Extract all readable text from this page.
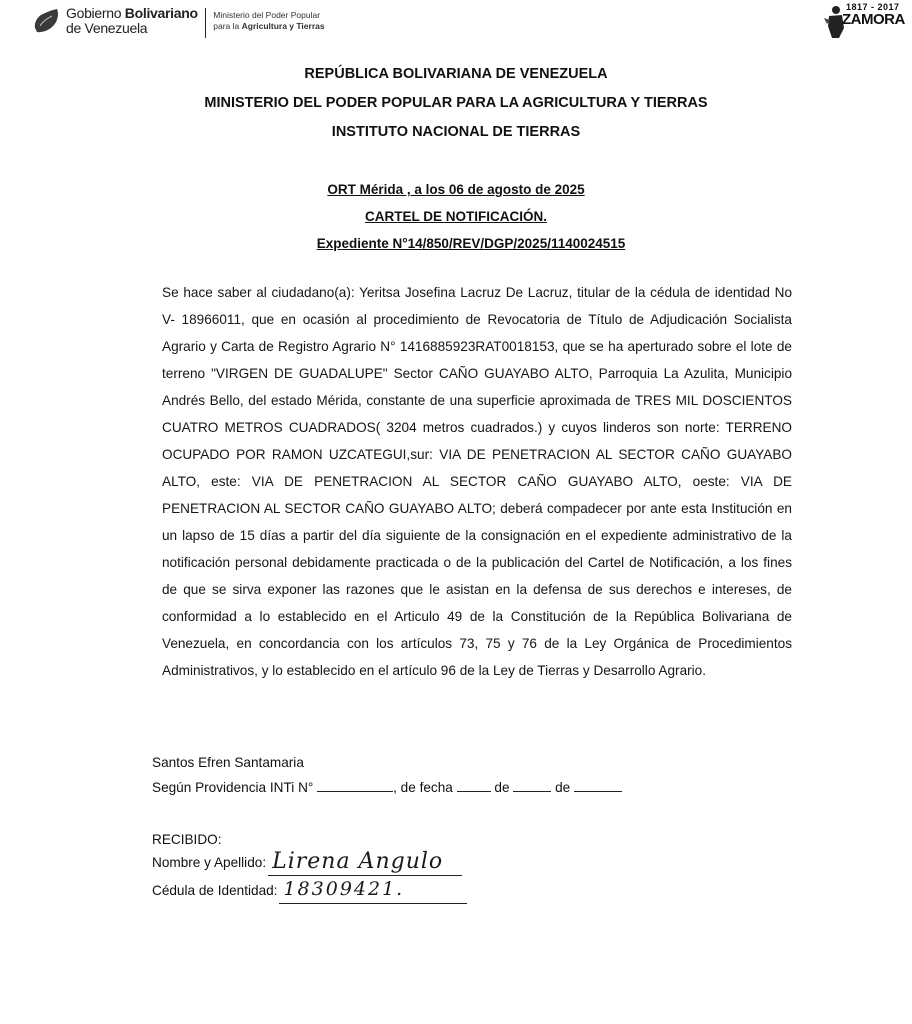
Gobierno Bolivariano
de Venezuela
Ministerio del Poder Popular
para la Agricultura y Tierras
1817 - 2017
ZAMORA
REPÚBLICA BOLIVARIANA DE VENEZUELA
MINISTERIO DEL PODER POPULAR PARA LA AGRICULTURA Y TIERRAS
INSTITUTO NACIONAL DE TIERRAS
ORT Mérida , a los 06 de agosto de 2025
CARTEL DE NOTIFICACIÓN.
Expediente N°14/850/REV/DGP/2025/1140024515
Se hace saber al ciudadano(a): Yeritsa Josefina Lacruz De Lacruz, titular de la cédula de identidad No V- 18966011, que en ocasión al procedimiento de Revocatoria de Título de Adjudicación Socialista Agrario y Carta de Registro Agrario N° 1416885923RAT0018153, que se ha aperturado sobre el lote de terreno "VIRGEN DE GUADALUPE" Sector CAÑO GUAYABO ALTO, Parroquia La Azulita, Municipio Andrés Bello, del estado Mérida, constante de una superficie aproximada de TRES MIL DOSCIENTOS CUATRO METROS CUADRADOS( 3204 metros cuadrados.) y cuyos linderos son norte: TERRENO OCUPADO POR RAMON UZCATEGUI,sur: VIA DE PENETRACION AL SECTOR CAÑO GUAYABO ALTO, este: VIA DE PENETRACION AL SECTOR CAÑO GUAYABO ALTO, oeste: VIA DE PENETRACION AL SECTOR CAÑO GUAYABO ALTO; deberá compadecer por ante esta Institución en un lapso de 15 días a partir del día siguiente de la consignación en el expediente administrativo de la notificación personal debidamente practicada o de la publicación del Cartel de Notificación, a los fines de que se sirva exponer las razones que le asistan en la defensa de sus derechos e intereses, de conformidad a lo establecido en el Articulo 49 de la Constitución de la República Bolivariana de Venezuela, en concordancia con los artículos 73, 75 y 76 de la Ley Orgánica de Procedimientos Administrativos, y lo establecido en el artículo 96 de la Ley de Tierras y Desarrollo Agrario.
Santos Efren Santamaria
Según Providencia INTi N°	, de fecha	de	de
RECIBIDO:
Nombre y Apellido: Lirena Angulo
Cédula de Identidad: 18309421.
